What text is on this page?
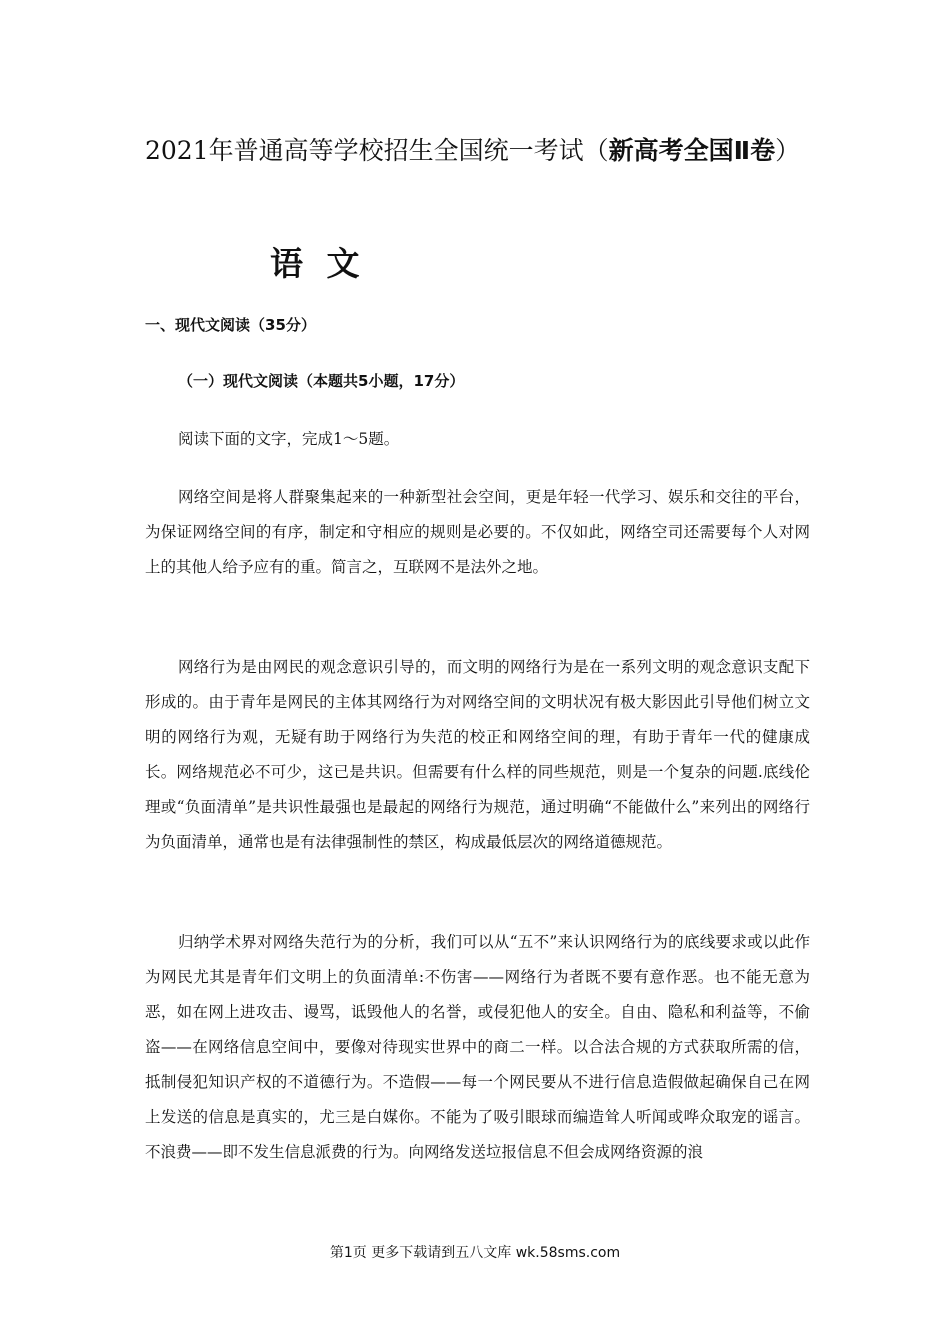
2021年普通高等学校招生全国统一考试（新高考全国Ⅱ卷）
语 文
一、现代文阅读（35分）
（一）现代文阅读（本题共5小题，17分）
阅读下面的文字，完成1～5题。

网络空间是将人群聚集起来的一种新型社会空间，更是年轻一代学习、娱乐和交往的平台，为保证网络空间的有序，制定和守相应的规则是必要的。不仅如此，网络空司还需要每个人对网上的其他人给予应有的重。简言之，互联网不是法外之地。

网络行为是由网民的观念意识引导的，而文明的网络行为是在一系列文明的观念意识支配下形成的。由于青年是网民的主体其网络行为对网络空间的文明状况有极大影因此引导他们树立文明的网络行为观，无疑有助于网络行为失范的校正和网络空间的理，有助于青年一代的健康成长。网络规范必不可少，这已是共识。但需要有什么样的同些规范，则是一个复杂的问题.底线伦理或“负面清单”是共识性最强也是最起的网络行为规范，通过明确“不能做什么”来列出的网络行为负面清单，通常也是有法律强制性的禁区，构成最低层次的网络道德规范。

归纳学术界对网络失范行为的分析，我们可以从“五不”来认识网络行为的底线要求或以此作为网民尤其是青年们文明上的负面清单:不伤害——网络行为者既不要有意作恶。也不能无意为恶，如在网上进攻击、谩骂，诋毁他人的名誉，或侵犯他人的安全。自由、隐私和利益等，不偷盗——在网络信息空间中，要像对待现实世界中的商二一样。以合法合规的方式获取所需的信，抵制侵犯知识产权的不道德行为。不造假——每一个网民要从不进行信息造假做起确保自己在网上发送的信息是真实的，尤三是白媒你。不能为了吸引眼球而编造耸人听闻或哗众取宠的谣言。不浪费——即不发生信息派费的行为。向网络发送垃报信息不但会成网络资源的浪

第1页 更多下载请到五八文库 wk.58sms.com
